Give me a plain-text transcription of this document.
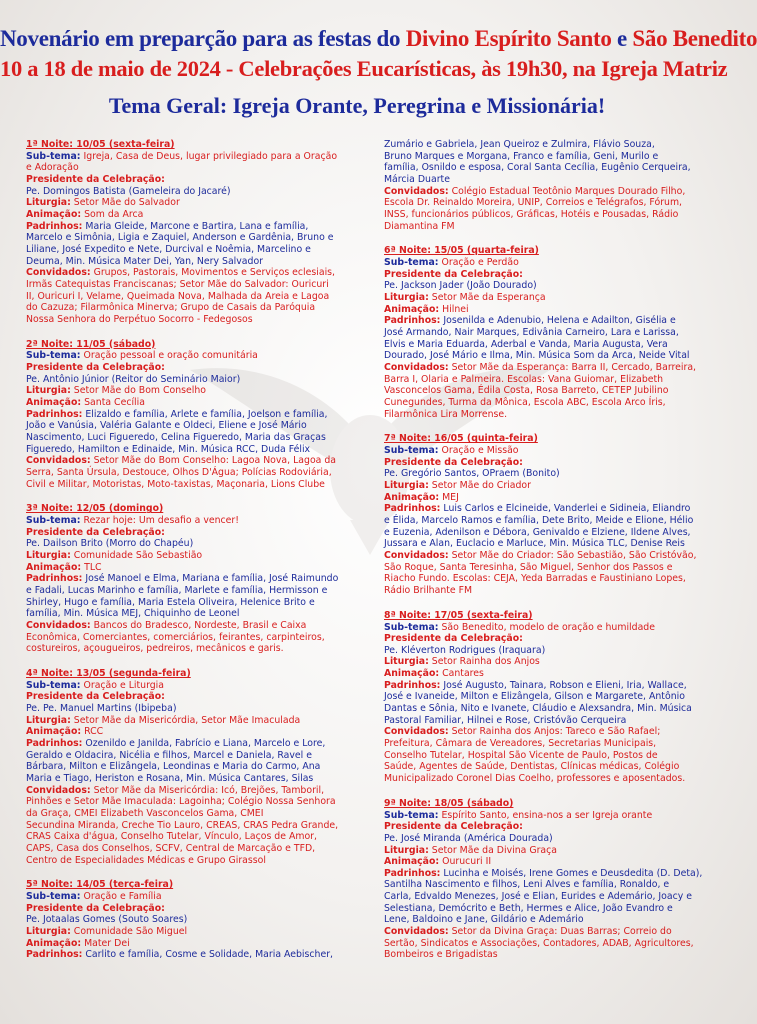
Novenário em preparção para as festas do Divino Espírito Santo e São Benedito
10 a 18 de maio de 2024 - Celebrações Eucarísticas, às 19h30, na Igreja Matriz
Tema Geral: Igreja Orante, Peregrina e Missionária!
1ª Noite: 10/05 (sexta-feira)
Sub-tema: Igreja, Casa de Deus, lugar privilegiado para a Oração
e Adoração
Presidente da Celebração:
Pe. Domingos Batista (Gameleira do Jacaré)
Liturgia: Setor Mãe do Salvador
Animação: Som da Arca
Padrinhos: Maria Gleide, Marcone e Bartira, Lana e família,
Marcelo e Simônia, Ligia e Zaquiel, Anderson e Gardênia, Bruno e
Liliane, José Expedito e Nete, Durcival e Noêmia, Marcelino e
Deuma, Min. Música Mater Dei, Yan, Nery Salvador
Convidados: Grupos, Pastorais, Movimentos e Serviços eclesiais,
Irmãs Catequistas Franciscanas; Setor Mãe do Salvador: Ouricuri
II, Ouricuri I, Velame, Queimada Nova, Malhada da Areia e Lagoa
do Cazuza; Filarmônica Minerva; Grupo de Casais da Paróquia
Nossa Senhora do Perpétuo Socorro - Fedegosos
2ª Noite: 11/05 (sábado)
Sub-tema: Oração pessoal e oração comunitária
Presidente da Celebração:
Pe. Antônio Júnior (Reitor do Seminário Maior)
Liturgia: Setor Mãe do Bom Conselho
Animação: Santa Cecília
Padrinhos: Elizaldo e família, Arlete e família, Joelson e família,
João e Vanúsia, Valéria Galante e Oldeci, Eliene e José Mário
Nascimento, Luci Figueredo, Celina Figueredo, Maria das Graças
Figueredo, Hamilton e Edinaide, Min. Música RCC, Duda Félix
Convidados: Setor Mãe do Bom Conselho: Lagoa Nova, Lagoa da
Serra, Santa Úrsula, Destouce, Olhos D'Água; Polícias Rodoviária,
Civil e Militar, Motoristas, Moto-taxistas, Maçonaria, Lions Clube
3ª Noite: 12/05 (domingo)
Sub-tema: Rezar hoje: Um desafio a vencer!
Presidente da Celebração:
Pe. Dailson Brito (Morro do Chapéu)
Liturgia: Comunidade São Sebastião
Animação: TLC
Padrinhos: José Manoel e Elma, Mariana e família, José Raimundo
e Fadali, Lucas Marinho e família, Marlete e família, Hermisson e
Shirley, Hugo e família, Maria Estela Oliveira, Helenice Brito e
família, Min. Música MEJ, Chiquinho de Leonel
Convidados: Bancos do Bradesco, Nordeste, Brasil e Caixa
Econômica, Comerciantes, comerciários, feirantes, carpinteiros,
costureiros, açougueiros, pedreiros, mecânicos e garis.
4ª Noite: 13/05 (segunda-feira)
Sub-tema: Oração e Liturgia
Presidente da Celebração:
Pe. Pe. Manuel Martins (Ibipeba)
Liturgia: Setor Mãe da Misericórdia, Setor Mãe Imaculada
Animação: RCC
Padrinhos: Ozenildo e Janilda, Fabrício e Liana, Marcelo e Lore,
Geraldo e Oldacira, Nicélia e filhos, Marcel e Daniela, Ravel e
Bárbara, Milton e Elizângela, Leondinas e Maria do Carmo, Ana
Maria e Tiago, Heriston e Rosana, Min. Música Cantares, Silas
Convidados: Setor Mãe da Misericórdia: Icó, Brejões, Tamboril,
Pinhões e Setor Mãe Imaculada: Lagoinha; Colégio Nossa Senhora
da Graça, CMEI Elizabeth Vasconcelos Gama, CMEI
Secundina Miranda, Creche Tio Lauro, CREAS, CRAS Pedra Grande,
CRAS Caixa d'água, Conselho Tutelar, Vínculo, Laços de Amor,
CAPS, Casa dos Conselhos, SCFV, Central de Marcação e TFD,
Centro de Especialidades Médicas e Grupo Girassol
5ª Noite: 14/05 (terça-feira)
Sub-tema: Oração e Família
Presidente da Celebração:
Pe. Jotaalas Gomes (Souto Soares)
Liturgia: Comunidade São Miguel
Animação: Mater Dei
Padrinhos: Carlito e família, Cosme e Solidade, Maria Aebischer,
Zumário e Gabriela, Jean Queiroz e Zulmira, Flávio Souza,
Bruno Marques e Morgana, Franco e família, Geni, Murilo e
família, Osnildo e esposa, Coral Santa Cecília, Eugênio Cerqueira,
Márcia Duarte
Convidados: Colégio Estadual Teotônio Marques Dourado Filho,
Escola Dr. Reinaldo Moreira, UNIP, Correios e Telégrafos, Fórum,
INSS, funcionários públicos, Gráficas, Hotéis e Pousadas, Rádio
Diamantina FM
6ª Noite: 15/05 (quarta-feira)
Sub-tema: Oração e Perdão
Presidente da Celebração:
Pe. Jackson Jader (João Dourado)
Liturgia: Setor Mãe da Esperança
Animação: Hilnei
Padrinhos: Josenilda e Adenubio, Helena e Adailton, Gisélia e
José Armando, Nair Marques, Edivânia Carneiro, Lara e Larissa,
Elvis e Maria Eduarda, Aderbal e Vanda, Maria Augusta, Vera
Dourado, José Mário e Ilma, Min. Música Som da Arca, Neide Vital
Convidados: Setor Mãe da Esperança: Barra II, Cercado, Barreira,
Barra I, Olaria e Palmeira. Escolas: Vana Guiomar, Elizabeth
Vasconcelos Gama, Édila Costa, Rosa Barreto, CETEP Jubilino
Cunegundes, Turma da Mônica, Escola ABC, Escola Arco Íris,
Filarmônica Lira Morrense.
7ª Noite: 16/05 (quinta-feira)
Sub-tema: Oração e Missão
Presidente da Celebração:
Pe. Gregório Santos, OPraem (Bonito)
Liturgia: Setor Mãe do Criador
Animação: MEJ
Padrinhos: Luis Carlos e Elcineide, Vanderlei e Sidineia, Eliandro
e Élida, Marcelo Ramos e família, Dete Brito, Meide e Elione, Hélio
e Euzenia, Adenilson e Débora, Genivaldo e Elziene, Ildene Alves,
Jussara e Alan, Euclacio e Marluce, Min. Música TLC, Denise Reis
Convidados: Setor Mãe do Criador: São Sebastião, São Cristóvão,
São Roque, Santa Teresinha, São Miguel, Senhor dos Passos e
Riacho Fundo. Escolas: CEJA, Yeda Barradas e Faustiniano Lopes,
Rádio Brilhante FM
8ª Noite: 17/05 (sexta-feira)
Sub-tema: São Benedito, modelo de oração e humildade
Presidente da Celebração:
Pe. Kléverton Rodrigues (Iraquara)
Liturgia: Setor Rainha dos Anjos
Animação: Cantares
Padrinhos: José Augusto, Tainara, Robson e Elieni, Iria, Wallace,
José e Ivaneide, Milton e Elizângela, Gilson e Margarete, Antônio
Dantas e Sônia, Nito e Ivanete, Cláudio e Alexsandra, Min. Música
Pastoral Familiar, Hilnei e Rose, Cristóvão Cerqueira
Convidados: Setor Rainha dos Anjos: Tareco e São Rafael;
Prefeitura, Câmara de Vereadores, Secretarias Municipais,
Conselho Tutelar, Hospital São Vicente de Paulo, Postos de
Saúde, Agentes de Saúde, Dentistas, Clínicas médicas, Colégio
Municipalizado Coronel Dias Coelho, professores e aposentados.
9ª Noite: 18/05 (sábado)
Sub-tema: Espírito Santo, ensina-nos a ser Igreja orante
Presidente da Celebração:
Pe. José Miranda (América Dourada)
Liturgia: Setor Mãe da Divina Graça
Animação: Ourucuri II
Padrinhos: Lucinha e Moisés, Irene Gomes e Deusdedita (D. Deta),
Santilha Nascimento e filhos, Leni Alves e família, Ronaldo, e
Carla, Edvaldo Menezes, José e Elian, Eurides e Ademário, Joacy e
Selestiana, Demócrito e Beth, Hermes e Alice, João Evandro e
Lene, Baldoino e Jane, Gildário e Ademário
Convidados: Setor da Divina Graça: Duas Barras; Correio do
Sertão, Sindicatos e Associações, Contadores, ADAB, Agricultores,
Bombeiros e Brigadistas
